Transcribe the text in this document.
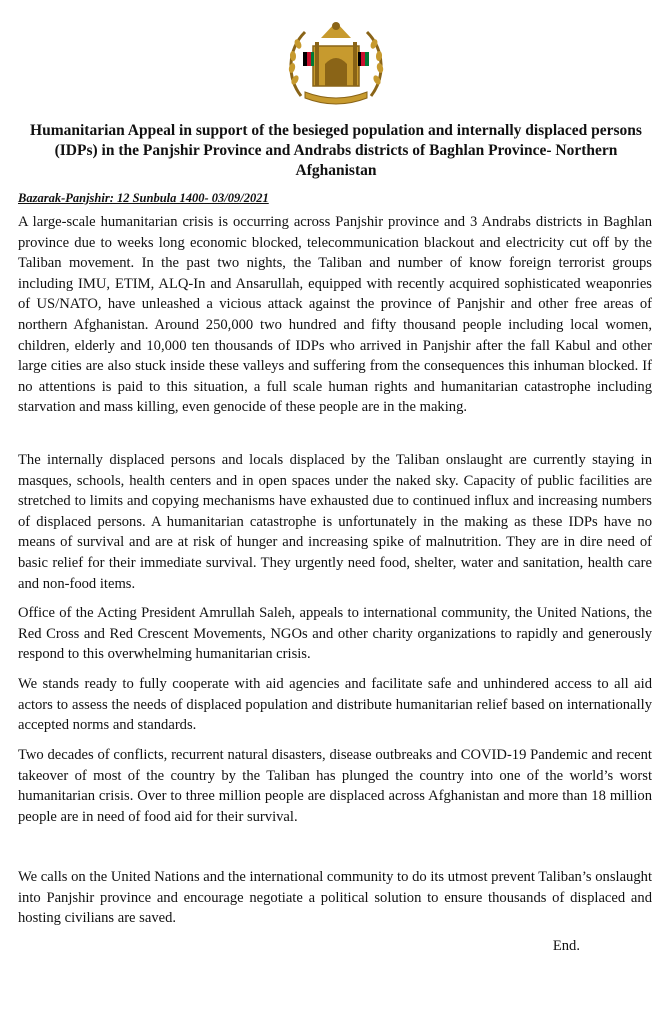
Humanitarian Appeal in support of the besieged population and internally displaced persons (IDPs) in the Panjshir Province and Andrabs districts of Baghlan Province- Northern Afghanistan
Bazarak-Panjshir: 12 Sunbula 1400- 03/09/2021

A large-scale humanitarian crisis is occurring across Panjshir province and 3 Andrabs districts in Baghlan province due to weeks long economic blocked, telecommunication blackout and electricity cut off by the Taliban movement. In the past two nights, the Taliban and number of know foreign terrorist groups including IMU, ETIM, ALQ-In and Ansarullah, equipped with recently acquired sophisticated weaponries of US/NATO, have unleashed a vicious attack against the province of Panjshir and other free areas of northern Afghanistan. Around 250,000 two hundred and fifty thousand people including local women, children, elderly and 10,000 ten thousands of IDPs who arrived in Panjshir after the fall Kabul and other large cities are also stuck inside these valleys and suffering from the consequences this inhuman blocked. If no attentions is paid to this situation, a full scale human rights and humanitarian catastrophe including starvation and mass killing, even genocide of these people are in the making.

The internally displaced persons and locals displaced by the Taliban onslaught are currently staying in masques, schools, health centers and in open spaces under the naked sky. Capacity of public facilities are stretched to limits and copying mechanisms have exhausted due to continued influx and increasing numbers of displaced persons. A humanitarian catastrophe is unfortunately in the making as these IDPs have no means of survival and are at risk of hunger and increasing spike of malnutrition. They are in dire need of basic relief for their immediate survival. They urgently need food, shelter, water and sanitation, health care and non-food items.

Office of the Acting President Amrullah Saleh, appeals to international community, the United Nations, the Red Cross and Red Crescent Movements, NGOs and other charity organizations to rapidly and generously respond to this overwhelming humanitarian crisis.

We stands ready to fully cooperate with aid agencies and facilitate safe and unhindered access to all aid actors to assess the needs of displaced population and distribute humanitarian relief based on internationally accepted norms and standards.

Two decades of conflicts, recurrent natural disasters, disease outbreaks and COVID-19 Pandemic and recent takeover of most of the country by the Taliban has plunged the country into one of the world’s worst humanitarian crisis. Over to three million people are displaced across Afghanistan and more than 18 million people are in need of food aid for their survival.

We calls on the United Nations and the international community to do its utmost prevent Taliban’s onslaught into Panjshir province and encourage negotiate a political solution to ensure thousands of displaced and hosting civilians are saved.

End.
